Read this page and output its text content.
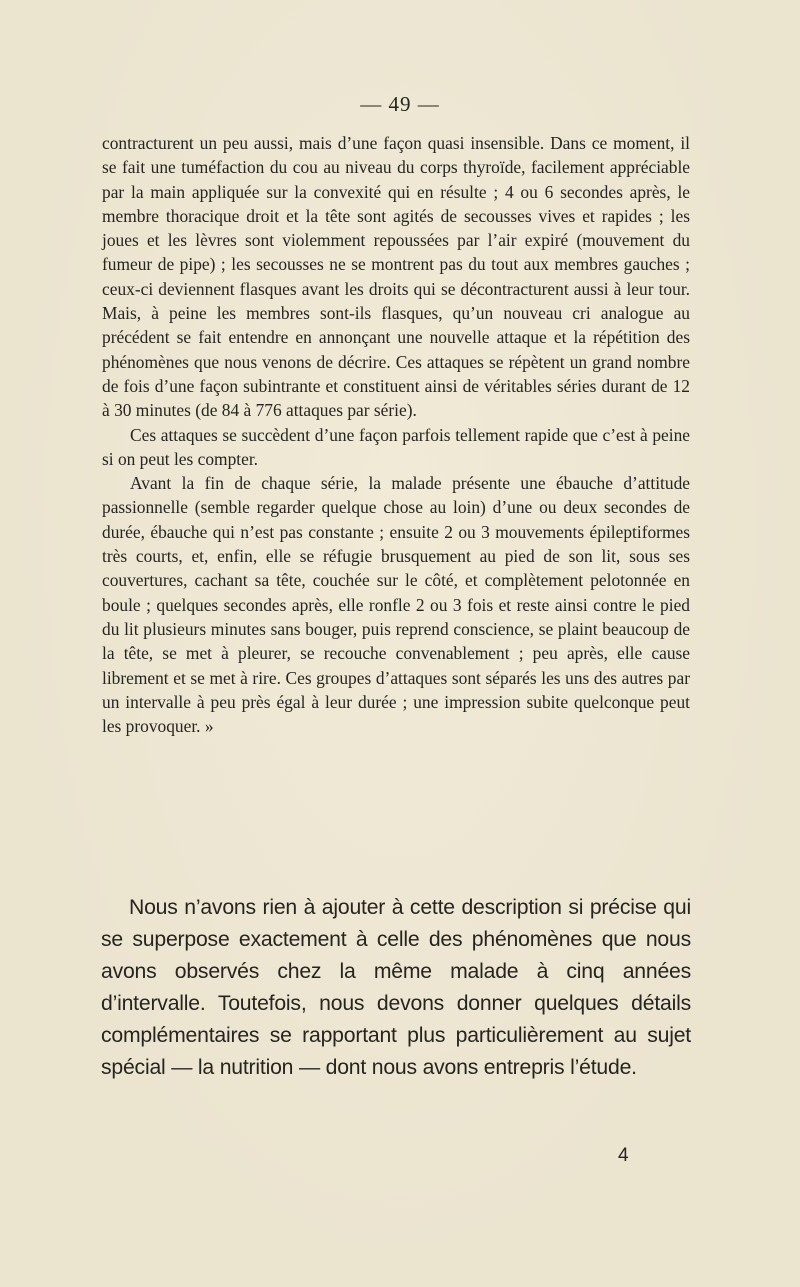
— 49 —

contracturent un peu aussi, mais d’une façon quasi insensible. Dans ce moment, il se fait une tuméfaction du cou au niveau du corps thyroïde, facilement appréciable par la main appliquée sur la convexité qui en résulte ; 4 ou 6 secondes après, le membre thoracique droit et la tête sont agités de secousses vives et rapides ; les joues et les lèvres sont violemment repoussées par l’air expiré (mouvement du fumeur de pipe) ; les secousses ne se montrent pas du tout aux membres gauches ; ceux-ci deviennent flasques avant les droits qui se décontracturent aussi à leur tour. Mais, à peine les membres sont-ils flasques, qu’un nouveau cri analogue au précédent se fait entendre en annonçant une nouvelle attaque et la répétition des phénomènes que nous venons de décrire. Ces attaques se répètent un grand nombre de fois d’une façon subintrante et constituent ainsi de véritables séries durant de 12 à 30 minutes (de 84 à 776 attaques par série).

Ces attaques se succèdent d’une façon parfois tellement rapide que c’est à peine si on peut les compter.

Avant la fin de chaque série, la malade présente une ébauche d’attitude passionnelle (semble regarder quelque chose au loin) d’une ou deux secondes de durée, ébauche qui n’est pas constante ; ensuite 2 ou 3 mouvements épileptiformes très courts, et, enfin, elle se réfugie brusquement au pied de son lit, sous ses couvertures, cachant sa tête, couchée sur le côté, et complètement pelotonnée en boule ; quelques secondes après, elle ronfle 2 ou 3 fois et reste ainsi contre le pied du lit plusieurs minutes sans bouger, puis reprend conscience, se plaint beaucoup de la tête, se met à pleurer, se recouche convenablement ; peu après, elle cause librement et se met à rire. Ces groupes d’attaques sont séparés les uns des autres par un intervalle à peu près égal à leur durée ; une impression subite quelconque peut les provoquer. »

Nous n’avons rien à ajouter à cette description si précise qui se superpose exactement à celle des phénomènes que nous avons observés chez la même malade à cinq années d’intervalle. Toutefois, nous devons donner quelques détails complémentaires se rapportant plus particulièrement au sujet spécial — la nutrition — dont nous avons entrepris l’étude.

4
